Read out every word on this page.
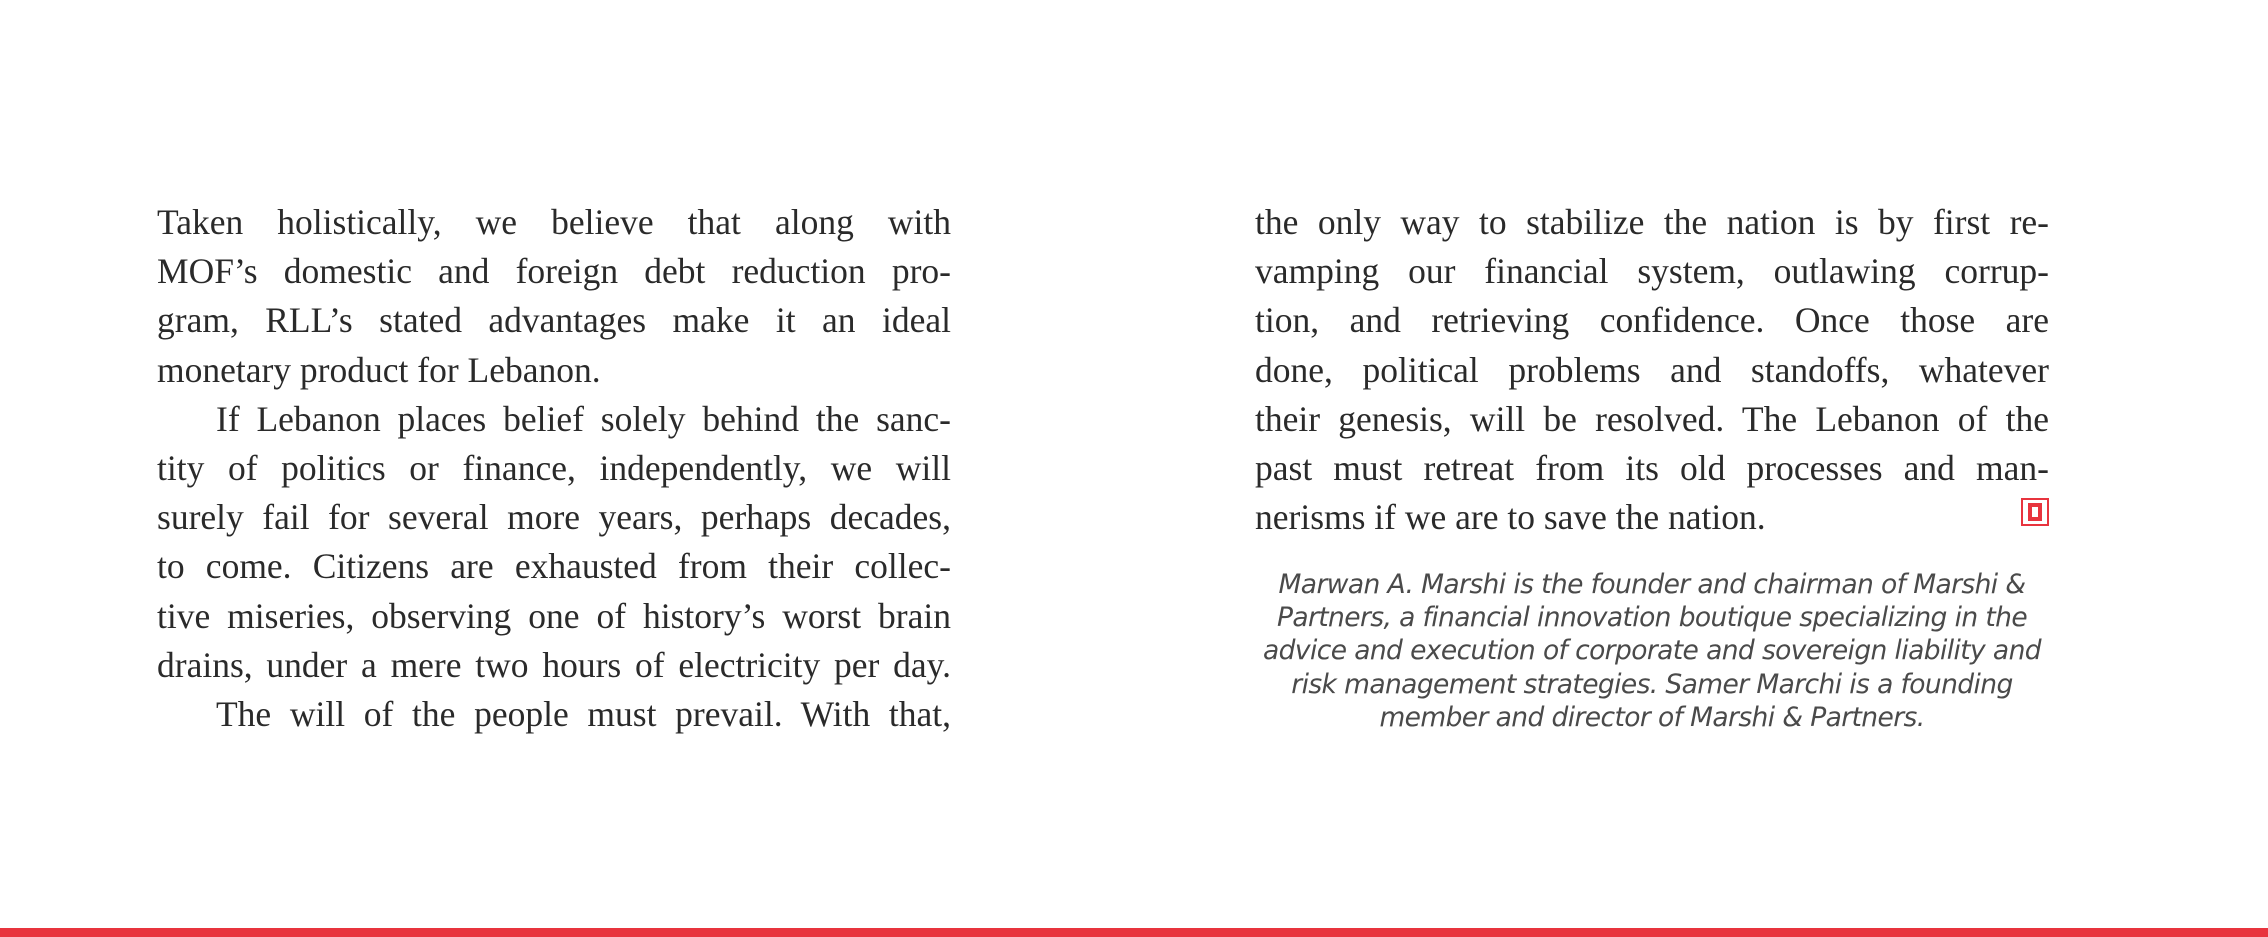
Taken holistically, we believe that along with
MOF’s domestic and foreign debt reduction pro-
gram, RLL’s stated advantages make it an ideal
monetary product for Lebanon.

If Lebanon places belief solely behind the sanc-
tity of politics or finance, independently, we will
surely fail for several more years, perhaps decades,
to come. Citizens are exhausted from their collec-
tive miseries, observing one of history’s worst brain
drains, under a mere two hours of electricity per day.

The will of the people must prevail. With that,

the only way to stabilize the nation is by first re-
vamping our financial system, outlawing corrup-
tion, and retrieving confidence. Once those are
done, political problems and standoffs, whatever
their genesis, will be resolved. The Lebanon of the
past must retreat from its old processes and man-
nerisms if we are to save the nation.

Marwan A. Marshi is the founder and chairman of Marshi &
Partners, a financial innovation boutique specializing in the
advice and execution of corporate and sovereign liability and
risk management strategies. Samer Marchi is a founding
member and director of Marshi & Partners.
